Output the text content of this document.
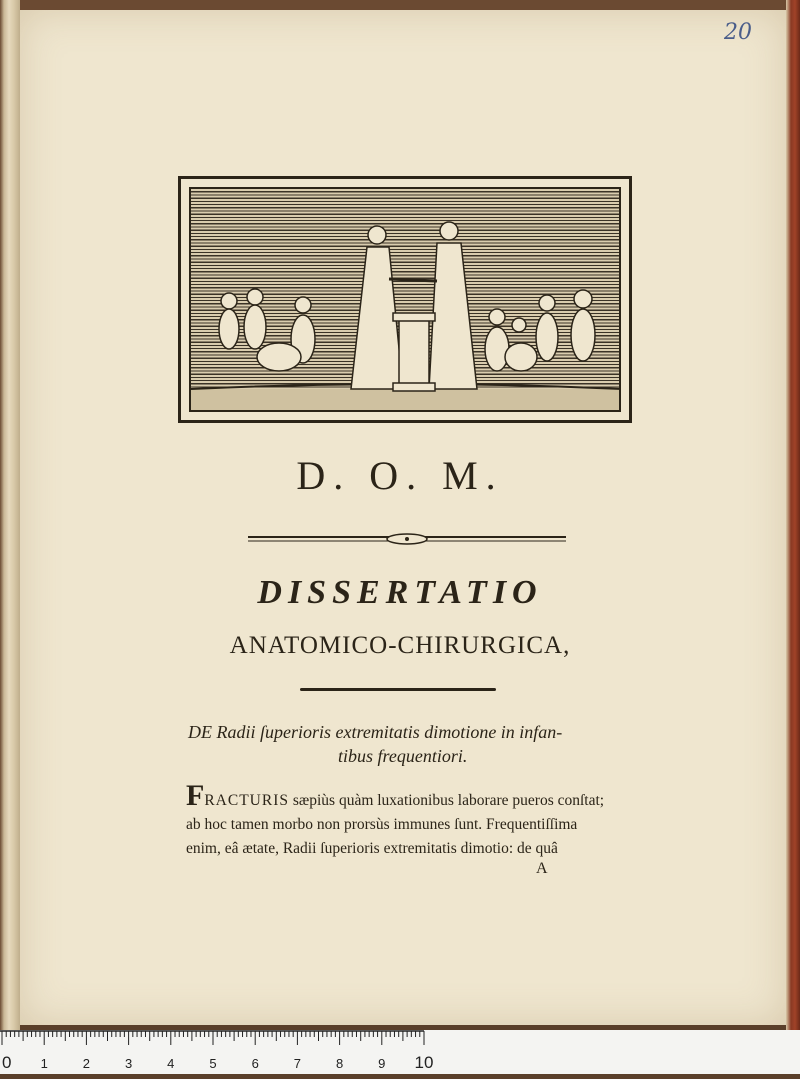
20
D. O. M.
DISSERTATIO
ANATOMICO-CHIRURGICA,
DE Radii ſuperioris extremitatis dimotione in infan-
tibus frequentiori.
FRACTURIS sæpiùs quàm luxationibus laborare pueros conſtat;
ab hoc tamen morbo non prorsùs immunes ſunt. Frequentiſſima
enim, eâ ætate, Radii ſuperioris extremitatis dimotio: de quâ
A
0 1	2	3	4	5	6	7	8	9 10
